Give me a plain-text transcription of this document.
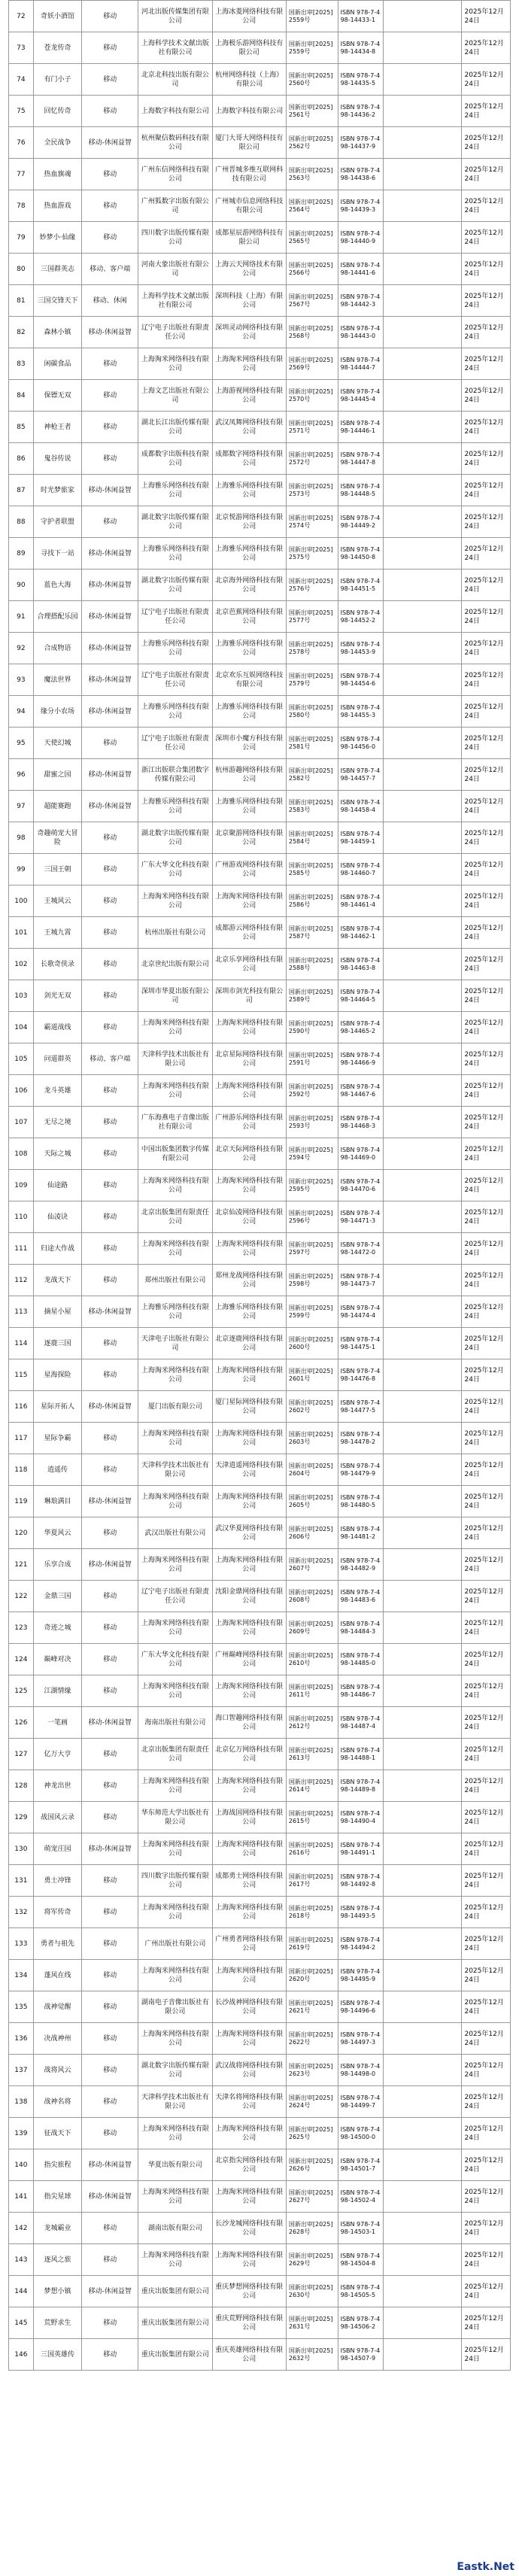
72	奇妖小酒馆	移动	河北出版传媒集团有限公司	上海冰菱网络科技有限公司	国新出审[2025]2559号	ISBN 978-7-498-14433-1		2025年12月24日
73	苍龙传奇	移动	上海科学技术文献出版社有限公司	上海极乐游网络科技有限公司	国新出审[2025]2559号	ISBN 978-7-498-14434-8		2025年12月24日
74	有门小子	移动	北京北科技出版有限公司	杭州网络科技（上海）有限公司	国新出审[2025]2560号	ISBN 978-7-498-14435-5		2025年12月24日
75	回忆传奇	移动	上海数字科技有限公司	上海数字科技有限公司	国新出审[2025]2561号	ISBN 978-7-498-14436-2		2025年12月24日
76	全民战争	移动-休闲益智	杭州聚信数码科技有限公司	厦门大哥大网络科技有限公司	国新出审[2025]2562号	ISBN 978-7-498-14437-9		2025年12月24日
77	热血旗魂	移动	广州东信网络科技有限公司	广州晋城多维互联网科技有限公司	国新出审[2025]2563号	ISBN 978-7-498-14438-6		2025年12月24日
78	热血游戏	移动	广州狐数字出版有限公司	广州城市信息网络科技有限公司	国新出审[2025]2564号	ISBN 978-7-498-14439-3		2025年12月24日
79	妙梦小·仙缘	移动	四川数字出版传媒有限公司	成都星辰游网络科技有限公司	国新出审[2025]2565号	ISBN 978-7-498-14440-9		2025年12月24日
80	三国群英志	移动、客户端	河南大象出版社有限公司	上海云天网络技术有限公司	国新出审[2025]2566号	ISBN 978-7-498-14441-6		2025年12月24日
81	三国交锋天下	移动、休闲	上海科学技术文献出版社有限公司	深圳科技（上海）有限公司	国新出审[2025]2567号	ISBN 978-7-498-14442-3		2025年12月24日
82	森林小镇	移动-休闲益智	辽宁电子出版社有限责任公司	深圳灵动网络科技有限公司	国新出审[2025]2568号	ISBN 978-7-498-14443-0		2025年12月24日
83	闲碳食品	移动	上海淘米网络科技有限公司	上海淘米网络科技有限公司	国新出审[2025]2569号	ISBN 978-7-498-14444-7		2025年12月24日
84	保镖无双	移动	上海文艺出版社有限公司	上海游视网络科技有限公司	国新出审[2025]2570号	ISBN 978-7-498-14445-4		2025年12月24日
85	神枪王者	移动	湖北长江出版传媒有限公司	武汉凤舞网络科技有限公司	国新出审[2025]2571号	ISBN 978-7-498-14446-1		2025年12月24日
86	鬼谷传说	移动	成都数字出版科技有限公司	成都数字网络科技有限公司	国新出审[2025]2572号	ISBN 978-7-498-14447-8		2025年12月24日
87	时光梦旅家	移动-休闲益智	上海雅乐网络科技有限公司	上海雅乐网络科技有限公司	国新出审[2025]2573号	ISBN 978-7-498-14448-5		2025年12月24日
88	守护者联盟	移动	湖北数字出版传媒有限公司	北京悦游网络科技有限公司	国新出审[2025]2574号	ISBN 978-7-498-14449-2		2025年12月24日
89	寻找下一站	移动-休闲益智	上海雅乐网络科技有限公司	上海雅乐网络科技有限公司	国新出审[2025]2575号	ISBN 978-7-498-14450-8		2025年12月24日
90	蓝色大海	移动-休闲益智	湖北数字出版传媒有限公司	北京海外网络科技有限公司	国新出审[2025]2576号	ISBN 978-7-498-14451-5		2025年12月24日
91	合理搭配乐园	移动-休闲益智	辽宁电子出版社有限责任公司	北京芭蕉网络科技有限公司	国新出审[2025]2577号	ISBN 978-7-498-14452-2		2025年12月24日
92	合成物语	移动-休闲益智	上海雅乐网络科技有限公司	上海雅乐网络科技有限公司	国新出审[2025]2578号	ISBN 978-7-498-14453-9		2025年12月24日
93	魔法世界	移动-休闲益智	辽宁电子出版社有限责任公司	北京欢乐互娱网络科技有限公司	国新出审[2025]2579号	ISBN 978-7-498-14454-6		2025年12月24日
94	缘分小农场	移动-休闲益智	上海雅乐网络科技有限公司	上海雅乐网络科技有限公司	国新出审[2025]2580号	ISBN 978-7-498-14455-3		2025年12月24日
95	天使幻城	移动	辽宁电子出版社有限责任公司	深圳市小魔方科技有限公司	国新出审[2025]2581号	ISBN 978-7-498-14456-0		2025年12月24日
96	甜蜜之园	移动-休闲益智	浙江出版联合集团数字传媒有限公司	杭州游趣网络科技有限公司	国新出审[2025]2582号	ISBN 978-7-498-14457-7		2025年12月24日
97	超能赛跑	移动-休闲益智	上海雅乐网络科技有限公司	上海雅乐网络科技有限公司	国新出审[2025]2583号	ISBN 978-7-498-14458-4		2025年12月24日
98	奇趣萌宠大冒险	移动	湖北数字出版传媒有限公司	北京聚游网络科技有限公司	国新出审[2025]2584号	ISBN 978-7-498-14459-1		2025年12月24日
99	三国王朝	移动	广东大华文化科技有限公司	广州游戏网络科技有限公司	国新出审[2025]2585号	ISBN 978-7-498-14460-7		2025年12月24日
100	王城风云	移动	上海淘米网络科技有限公司	上海淘米网络科技有限公司	国新出审[2025]2586号	ISBN 978-7-498-14461-4		2025年12月24日
101	王城九霄	移动	杭州出版社有限公司	成都游云网络科技有限公司	国新出审[2025]2587号	ISBN 978-7-498-14462-1		2025年12月24日
102	长歌奇侠录	移动	北京世纪出版有限公司	北京乐享网络科技有限公司	国新出审[2025]2588号	ISBN 978-7-498-14463-8		2025年12月24日
103	剑光无双	移动	深圳市华夏出版有限公司	深圳市剑光科技有限公司	国新出审[2025]2589号	ISBN 978-7-498-14464-5		2025年12月24日
104	霸道战线	移动	上海淘米网络科技有限公司	上海淘米网络科技有限公司	国新出审[2025]2590号	ISBN 978-7-498-14465-2		2025年12月24日
105	问道群英	移动、客户端	天津科学技术出版社有限公司	北京星际网络科技有限公司	国新出审[2025]2591号	ISBN 978-7-498-14466-9		2025年12月24日
106	龙斗英雄	移动	上海淘米网络科技有限公司	上海淘米网络科技有限公司	国新出审[2025]2592号	ISBN 978-7-498-14467-6		2025年12月24日
107	无尽之境	移动	广东海燕电子音像出版社有限公司	广州游乐网络科技有限公司	国新出审[2025]2593号	ISBN 978-7-498-14468-3		2025年12月24日
108	天际之城	移动	中国出版集团数字传媒有限公司	北京天际网络科技有限公司	国新出审[2025]2594号	ISBN 978-7-498-14469-0		2025年12月24日
109	仙途路	移动	上海淘米网络科技有限公司	上海淘米网络科技有限公司	国新出审[2025]2595号	ISBN 978-7-498-14470-6		2025年12月24日
110	仙凌诀	移动	北京出版集团有限责任公司	北京仙凌网络科技有限公司	国新出审[2025]2596号	ISBN 978-7-498-14471-3		2025年12月24日
111	归途大作战	移动	上海淘米网络科技有限公司	上海淘米网络科技有限公司	国新出审[2025]2597号	ISBN 978-7-498-14472-0		2025年12月24日
112	龙战天下	移动	郑州出版社有限公司	郑州龙战网络科技有限公司	国新出审[2025]2598号	ISBN 978-7-498-14473-7		2025年12月24日
113	摘星小屋	移动-休闲益智	上海雅乐网络科技有限公司	上海雅乐网络科技有限公司	国新出审[2025]2599号	ISBN 978-7-498-14474-4		2025年12月24日
114	逐鹿三国	移动	天津电子出版社有限公司	北京逐鹿网络科技有限公司	国新出审[2025]2600号	ISBN 978-7-498-14475-1		2025年12月24日
115	星海探险	移动	上海淘米网络科技有限公司	上海淘米网络科技有限公司	国新出审[2025]2601号	ISBN 978-7-498-14476-8		2025年12月24日
116	星际开拓人	移动-休闲益智	厦门出版有限公司	厦门星际网络科技有限公司	国新出审[2025]2602号	ISBN 978-7-498-14477-5		2025年12月24日
117	星际争霸	移动	上海淘米网络科技有限公司	上海淘米网络科技有限公司	国新出审[2025]2603号	ISBN 978-7-498-14478-2		2025年12月24日
118	逍遥传	移动	天津科学技术出版社有限公司	天津逍遥网络科技有限公司	国新出审[2025]2604号	ISBN 978-7-498-14479-9		2025年12月24日
119	琳琅满目	移动-休闲益智	上海淘米网络科技有限公司	上海淘米网络科技有限公司	国新出审[2025]2605号	ISBN 978-7-498-14480-5		2025年12月24日
120	华夏风云	移动	武汉出版社有限公司	武汉华夏网络科技有限公司	国新出审[2025]2606号	ISBN 978-7-498-14481-2		2025年12月24日
121	乐享合成	移动-休闲益智	上海淘米网络科技有限公司	上海淘米网络科技有限公司	国新出审[2025]2607号	ISBN 978-7-498-14482-9		2025年12月24日
122	金鼎三国	移动	辽宁电子出版社有限责任公司	沈阳金鼎网络科技有限公司	国新出审[2025]2608号	ISBN 978-7-498-14483-6		2025年12月24日
123	奇迹之城	移动	上海淘米网络科技有限公司	上海淘米网络科技有限公司	国新出审[2025]2609号	ISBN 978-7-498-14484-3		2025年12月24日
124	巅峰对决	移动	广东大华文化科技有限公司	广州巅峰网络科技有限公司	国新出审[2025]2610号	ISBN 978-7-498-14485-0		2025年12月24日
125	江湖情缘	移动	上海淘米网络科技有限公司	上海淘米网络科技有限公司	国新出审[2025]2611号	ISBN 978-7-498-14486-7		2025年12月24日
126	一笔画	移动-休闲益智	海南出版社有限公司	海口智趣网络科技有限公司	国新出审[2025]2612号	ISBN 978-7-498-14487-4		2025年12月24日
127	亿万大亨	移动	北京出版集团有限责任公司	北京亿万网络科技有限公司	国新出审[2025]2613号	ISBN 978-7-498-14488-1		2025年12月24日
128	神龙出世	移动	上海淘米网络科技有限公司	上海淘米网络科技有限公司	国新出审[2025]2614号	ISBN 978-7-498-14489-8		2025年12月24日
129	战国风云录	移动	华东师范大学出版社有限公司	上海战国网络科技有限公司	国新出审[2025]2615号	ISBN 978-7-498-14490-4		2025年12月24日
130	萌宠庄园	移动-休闲益智	上海淘米网络科技有限公司	上海淘米网络科技有限公司	国新出审[2025]2616号	ISBN 978-7-498-14491-1		2025年12月24日
131	勇士冲锋	移动	四川数字出版传媒有限公司	成都勇士网络科技有限公司	国新出审[2025]2617号	ISBN 978-7-498-14492-8		2025年12月24日
132	将军传奇	移动	上海淘米网络科技有限公司	上海淘米网络科技有限公司	国新出审[2025]2618号	ISBN 978-7-498-14493-5		2025年12月24日
133	勇者与祖先	移动	广州出版社有限公司	广州勇者网络科技有限公司	国新出审[2025]2619号	ISBN 978-7-498-14494-2		2025年12月24日
134	蓬风在线	移动	上海淘米网络科技有限公司	上海淘米网络科技有限公司	国新出审[2025]2620号	ISBN 978-7-498-14495-9		2025年12月24日
135	战神觉醒	移动	湖南电子音像出版社有限公司	长沙战神网络科技有限公司	国新出审[2025]2621号	ISBN 978-7-498-14496-6		2025年12月24日
136	决战神州	移动	上海淘米网络科技有限公司	上海淘米网络科技有限公司	国新出审[2025]2622号	ISBN 978-7-498-14497-3		2025年12月24日
137	战将风云	移动	湖北数字出版传媒有限公司	武汉战将网络科技有限公司	国新出审[2025]2623号	ISBN 978-7-498-14498-0		2025年12月24日
138	战神名将	移动	天津科学技术出版社有限公司	天津名将网络科技有限公司	国新出审[2025]2624号	ISBN 978-7-498-14499-7		2025年12月24日
139	征战天下	移动	上海淘米网络科技有限公司	上海淘米网络科技有限公司	国新出审[2025]2625号	ISBN 978-7-498-14500-0		2025年12月24日
140	指尖旅程	移动-休闲益智	华夏出版有限公司	北京指尖网络科技有限公司	国新出审[2025]2626号	ISBN 978-7-498-14501-7		2025年12月24日
141	指尖星球	移动-休闲益智	上海淘米网络科技有限公司	上海淘米网络科技有限公司	国新出审[2025]2627号	ISBN 978-7-498-14502-4		2025年12月24日
142	龙城霸业	移动	湖南出版有限公司	长沙龙城网络科技有限公司	国新出审[2025]2628号	ISBN 978-7-498-14503-1		2025年12月24日
143	逐风之旅	移动	上海淘米网络科技有限公司	上海淘米网络科技有限公司	国新出审[2025]2629号	ISBN 978-7-498-14504-8		2025年12月24日
144	梦想小镇	移动-休闲益智	重庆出版集团有限公司	重庆梦想网络科技有限公司	国新出审[2025]2630号	ISBN 978-7-498-14505-5		2025年12月24日
145	荒野求生	移动	重庆出版集团有限公司	重庆荒野网络科技有限公司	国新出审[2025]2631号	ISBN 978-7-498-14506-2		2025年12月24日
146	三国英雄传	移动	重庆出版集团有限公司	重庆英雄网络科技有限公司	国新出审[2025]2632号	ISBN 978-7-498-14507-9		2025年12月24日
Eastk.Net
